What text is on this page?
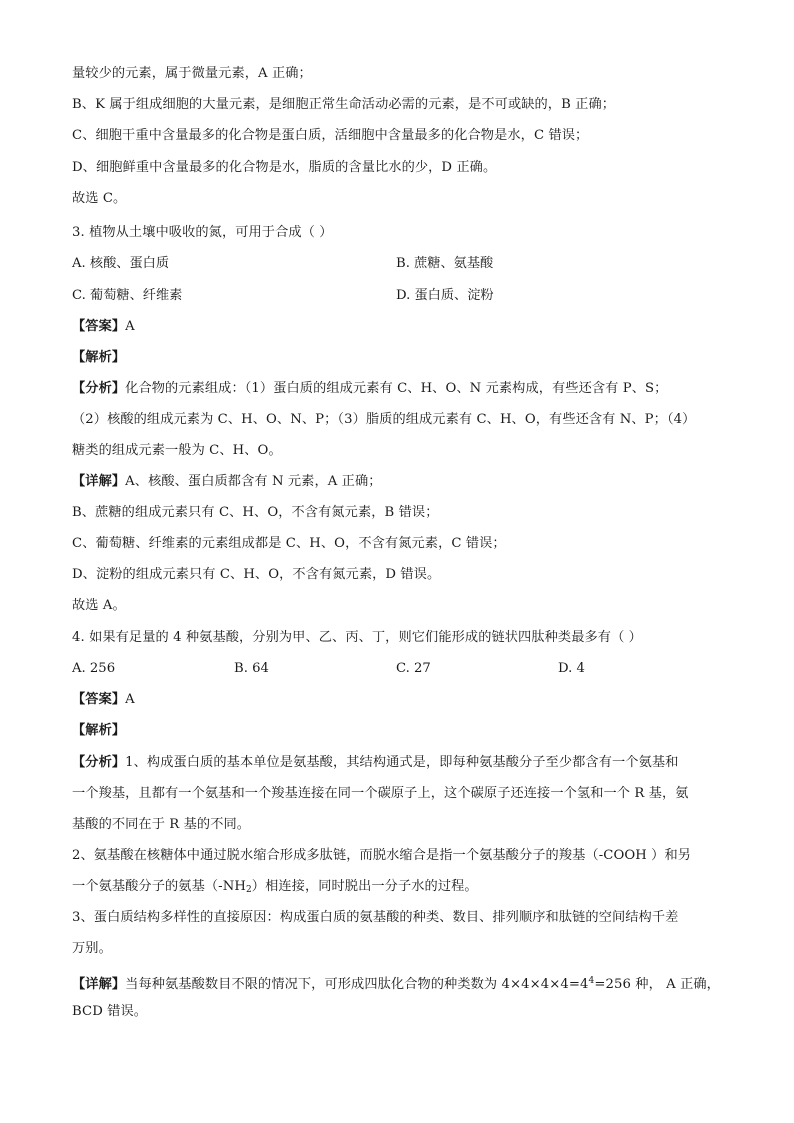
量较少的元素，属于微量元素，A 正确；
B、K 属于组成细胞的大量元素，是细胞正常生命活动必需的元素，是不可或缺的，B 正确；
C、细胞干重中含量最多的化合物是蛋白质，活细胞中含量最多的化合物是水，C 错误；
D、细胞鲜重中含量最多的化合物是水，脂质的含量比水的少，D 正确。
故选 C。
3. 植物从土壤中吸收的氮，可用于合成（ ）
A. 核酸、蛋白质	B. 蔗糖、氨基酸
C. 葡萄糖、纤维素	D. 蛋白质、淀粉
【答案】A
【解析】
【分析】化合物的元素组成：（1）蛋白质的组成元素有 C、H、O、N 元素构成，有些还含有 P、S；
（2）核酸的组成元素为 C、H、O、N、P；（3）脂质的组成元素有 C、H、O，有些还含有 N、P；（4）
糖类的组成元素一般为 C、H、O。
【详解】A、核酸、蛋白质都含有 N 元素，A 正确；
B、蔗糖的组成元素只有 C、H、O，不含有氮元素，B 错误；
C、葡萄糖、纤维素的元素组成都是 C、H、O，不含有氮元素，C 错误；
D、淀粉的组成元素只有 C、H、O，不含有氮元素，D 错误。
故选 A。
4. 如果有足量的 4 种氨基酸，分别为甲、乙、丙、丁，则它们能形成的链状四肽种类最多有（ ）
A. 256	B. 64	C. 27	D. 4
【答案】A
【解析】
【分析】1、构成蛋白质的基本单位是氨基酸，其结构通式是，即每种氨基酸分子至少都含有一个氨基和
一个羧基，且都有一个氨基和一个羧基连接在同一个碳原子上，这个碳原子还连接一个氢和一个 R 基，氨
基酸的不同在于 R 基的不同。
2、氨基酸在核糖体中通过脱水缩合形成多肽链，而脱水缩合是指一个氨基酸分子的羧基（-COOH ）和另
一个氨基酸分子的氨基$(-NH_2)$相连接，同时脱出一分子水的过程。
3、蛋白质结构多样性的直接原因：构成蛋白质的氨基酸的种类、数目、排列顺序和肽链的空间结构千差
万别。
【详解】当每种氨基酸数目不限的情况下，可形成四肽化合物的种类数为 $4\times 4\times 4\times 4=4^4=256$ 种， A 正确，
BCD 错误。
